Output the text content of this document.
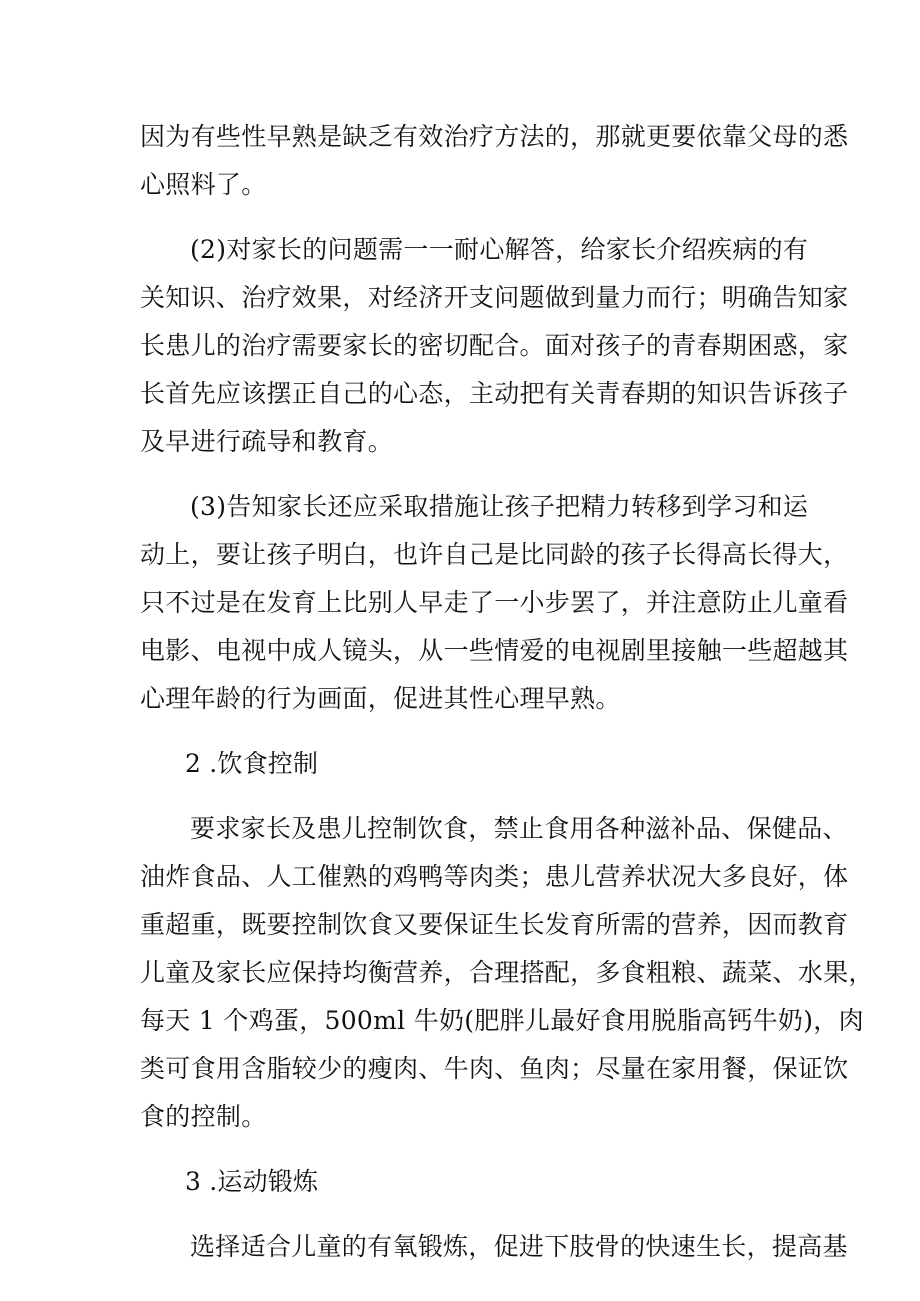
因为有些性早熟是缺乏有效治疗方法的，那就更要依靠父母的悉

心照料了。

(2)对家长的问题需一一耐心解答，给家长介绍疾病的有

关知识、治疗效果，对经济开支问题做到量力而行；明确告知家

长患儿的治疗需要家长的密切配合。面对孩子的青春期困惑，家

长首先应该摆正自己的心态，主动把有关青春期的知识告诉孩子

及早进行疏导和教育。

(3)告知家长还应采取措施让孩子把精力转移到学习和运

动上，要让孩子明白，也许自己是比同龄的孩子长得高长得大，

只不过是在发育上比别人早走了一小步罢了，并注意防止儿童看

电影、电视中成人镜头，从一些情爱的电视剧里接触一些超越其

心理年龄的行为画面，促进其性心理早熟。

2 .饮食控制

要求家长及患儿控制饮食，禁止食用各种滋补品、保健品、

油炸食品、人工催熟的鸡鸭等肉类；患儿营养状况大多良好，体

重超重，既要控制饮食又要保证生长发育所需的营养，因而教育

儿童及家长应保持均衡营养，合理搭配，多食粗粮、蔬菜、水果，

每天 1 个鸡蛋，500ml 牛奶(肥胖儿最好食用脱脂高钙牛奶)，肉

类可食用含脂较少的瘦肉、牛肉、鱼肉；尽量在家用餐，保证饮

食的控制。

3 .运动锻炼

选择适合儿童的有氧锻炼，促进下肢骨的快速生长，提高基
